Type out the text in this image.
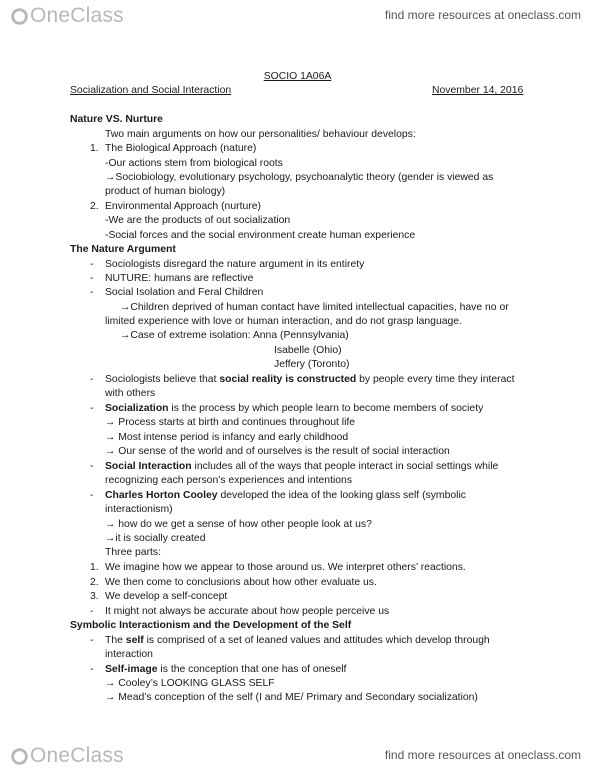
OneClass	find more resources at oneclass.com
SOCIO 1A06A
Socialization and Social Interaction	November 14, 2016
Nature VS. Nurture
Two main arguments on how our personalities/ behaviour develops:
1. The Biological Approach (nature)
-Our actions stem from biological roots
→Sociobiology, evolutionary psychology, psychoanalytic theory (gender is viewed as
product of human biology)
2. Environmental Approach (nurture)
-We are the products of out socialization
-Social forces and the social environment create human experience
The Nature Argument
- Sociologists disregard the nature argument in its entirety
- NUTURE: humans are reflective
- Social Isolation and Feral Children
→Children deprived of human contact have limited intellectual capacities, have no or
limited experience with love or human interaction, and do not grasp language.
→Case of extreme isolation: Anna (Pennsylvania)
Isabelle (Ohio)
Jeffery (Toronto)
- Sociologists believe that social reality is constructed by people every time they interact
with others
- Socialization is the process by which people learn to become members of society
→ Process starts at birth and continues throughout life
→ Most intense period is infancy and early childhood
→ Our sense of the world and of ourselves is the result of social interaction
- Social Interaction includes all of the ways that people interact in social settings while
recognizing each person’s experiences and intentions
- Charles Horton Cooley developed the idea of the looking glass self (symbolic
interactionism)
→ how do we get a sense of how other people look at us?
→it is socially created
Three parts:
1. We imagine how we appear to those around us. We interpret others’ reactions.
2. We then come to conclusions about how other evaluate us.
3. We develop a self-concept
- It might not always be accurate about how people perceive us
Symbolic Interactionism and the Development of the Self
- The self is comprised of a set of leaned values and attitudes which develop through
interaction
- Self-image is the conception that one has of oneself
→ Cooley’s LOOKING GLASS SELF
→ Mead’s conception of the self (I and ME/ Primary and Secondary socialization)
OneClass	find more resources at oneclass.com
